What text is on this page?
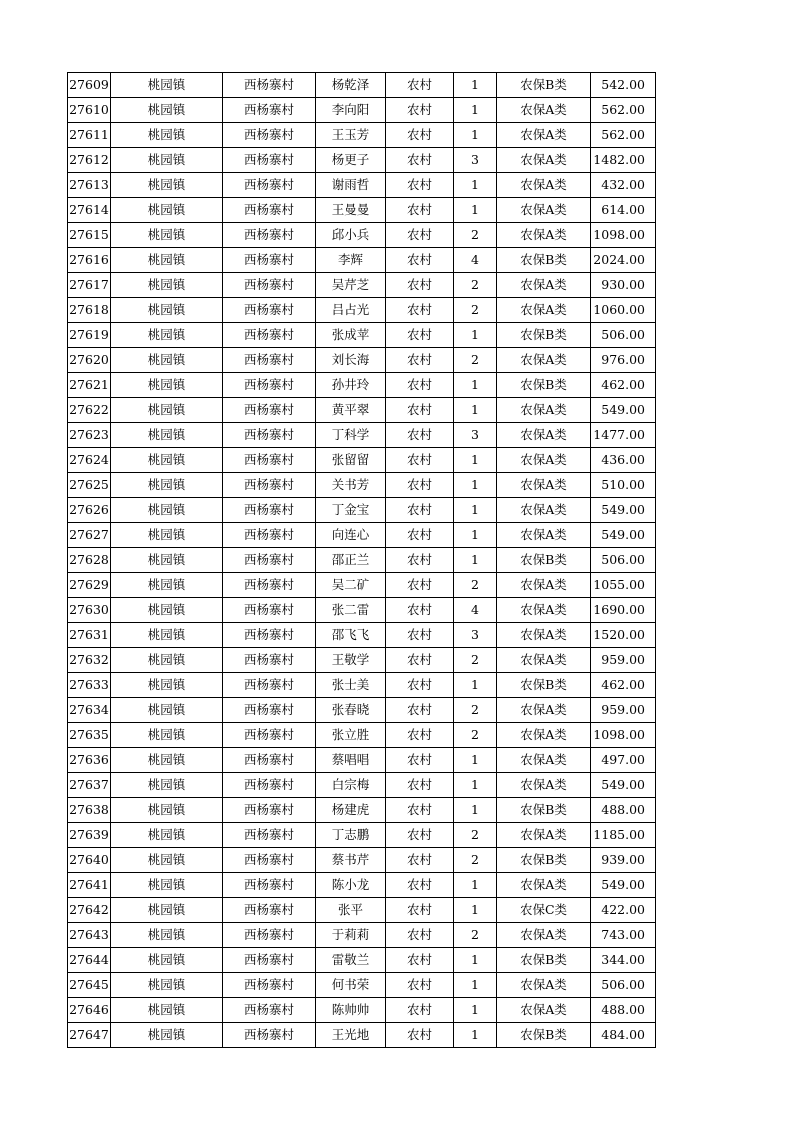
27609	桃园镇	西杨寨村	杨乾泽	农村	1	农保B类	542.00
27610	桃园镇	西杨寨村	李向阳	农村	1	农保A类	562.00
27611	桃园镇	西杨寨村	王玉芳	农村	1	农保A类	562.00
27612	桃园镇	西杨寨村	杨更子	农村	3	农保A类	1482.00
27613	桃园镇	西杨寨村	谢雨哲	农村	1	农保A类	432.00
27614	桃园镇	西杨寨村	王曼曼	农村	1	农保A类	614.00
27615	桃园镇	西杨寨村	邱小兵	农村	2	农保A类	1098.00
27616	桃园镇	西杨寨村	李辉	农村	4	农保B类	2024.00
27617	桃园镇	西杨寨村	吴芹芝	农村	2	农保A类	930.00
27618	桃园镇	西杨寨村	吕占光	农村	2	农保A类	1060.00
27619	桃园镇	西杨寨村	张成苹	农村	1	农保B类	506.00
27620	桃园镇	西杨寨村	刘长海	农村	2	农保A类	976.00
27621	桃园镇	西杨寨村	孙井玲	农村	1	农保B类	462.00
27622	桃园镇	西杨寨村	黄平翠	农村	1	农保A类	549.00
27623	桃园镇	西杨寨村	丁科学	农村	3	农保A类	1477.00
27624	桃园镇	西杨寨村	张留留	农村	1	农保A类	436.00
27625	桃园镇	西杨寨村	关书芳	农村	1	农保A类	510.00
27626	桃园镇	西杨寨村	丁金宝	农村	1	农保A类	549.00
27627	桃园镇	西杨寨村	向连心	农村	1	农保A类	549.00
27628	桃园镇	西杨寨村	邵正兰	农村	1	农保B类	506.00
27629	桃园镇	西杨寨村	吴二矿	农村	2	农保A类	1055.00
27630	桃园镇	西杨寨村	张二雷	农村	4	农保A类	1690.00
27631	桃园镇	西杨寨村	邵飞飞	农村	3	农保A类	1520.00
27632	桃园镇	西杨寨村	王敬学	农村	2	农保A类	959.00
27633	桃园镇	西杨寨村	张士美	农村	1	农保B类	462.00
27634	桃园镇	西杨寨村	张春晓	农村	2	农保A类	959.00
27635	桃园镇	西杨寨村	张立胜	农村	2	农保A类	1098.00
27636	桃园镇	西杨寨村	蔡唱唱	农村	1	农保A类	497.00
27637	桃园镇	西杨寨村	白宗梅	农村	1	农保A类	549.00
27638	桃园镇	西杨寨村	杨建虎	农村	1	农保B类	488.00
27639	桃园镇	西杨寨村	丁志鹏	农村	2	农保A类	1185.00
27640	桃园镇	西杨寨村	蔡书芹	农村	2	农保B类	939.00
27641	桃园镇	西杨寨村	陈小龙	农村	1	农保A类	549.00
27642	桃园镇	西杨寨村	张平	农村	1	农保C类	422.00
27643	桃园镇	西杨寨村	于莉莉	农村	2	农保A类	743.00
27644	桃园镇	西杨寨村	雷敬兰	农村	1	农保B类	344.00
27645	桃园镇	西杨寨村	何书荣	农村	1	农保A类	506.00
27646	桃园镇	西杨寨村	陈帅帅	农村	1	农保A类	488.00
27647	桃园镇	西杨寨村	王光地	农村	1	农保B类	484.00
